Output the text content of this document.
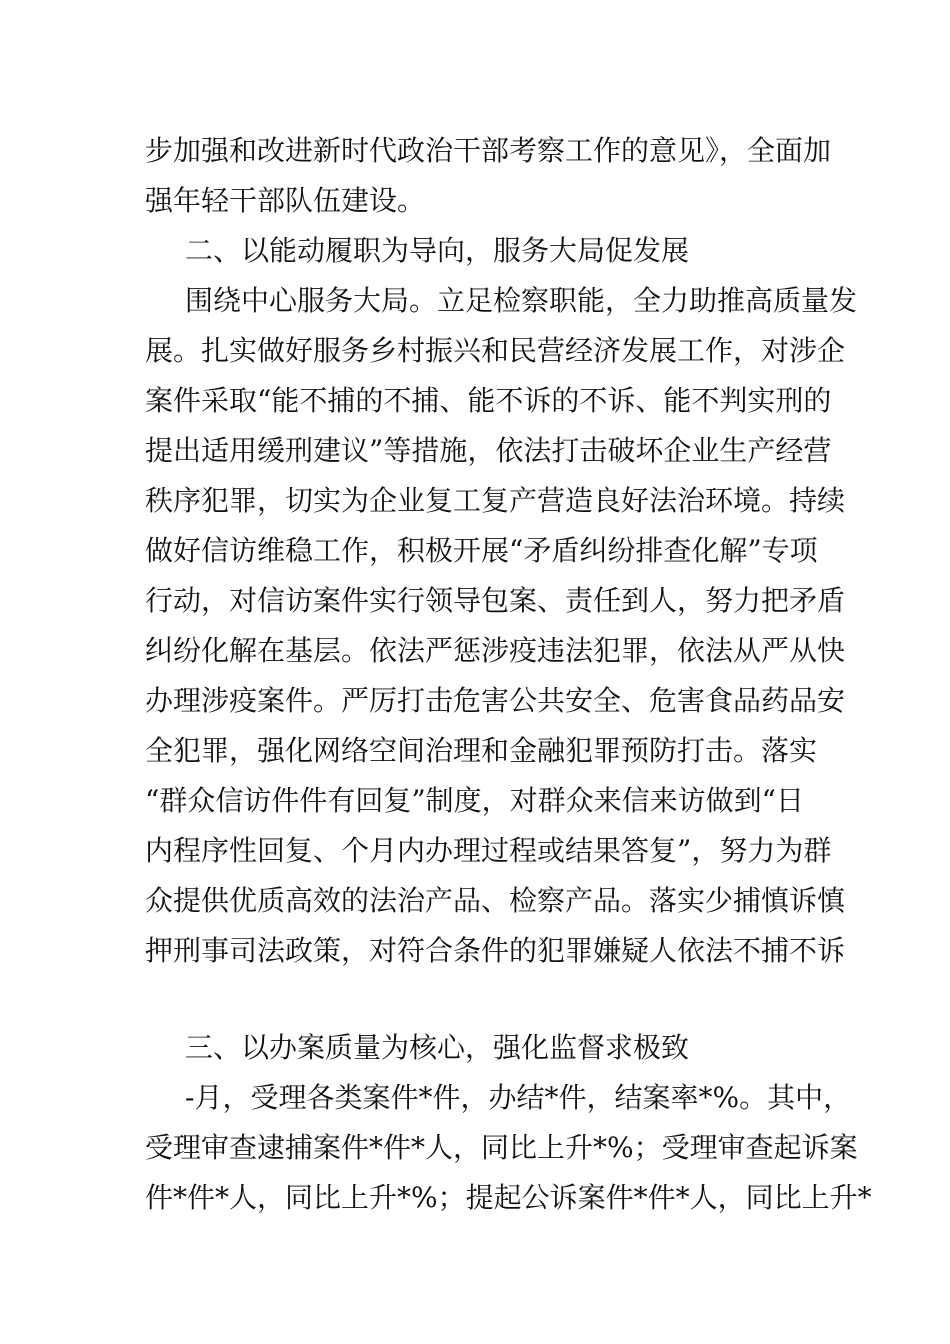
步加强和改进新时代政治干部考察工作的意见》，全面加
强年轻干部队伍建设。
二、以能动履职为导向，服务大局促发展
围绕中心服务大局。立足检察职能，全力助推高质量发
展。扎实做好服务乡村振兴和民营经济发展工作，对涉企
案件采取“能不捕的不捕、能不诉的不诉、能不判实刑的
提出适用缓刑建议”等措施，依法打击破坏企业生产经营
秩序犯罪，切实为企业复工复产营造良好法治环境。持续
做好信访维稳工作，积极开展“矛盾纠纷排查化解”专项
行动，对信访案件实行领导包案、责任到人，努力把矛盾
纠纷化解在基层。依法严惩涉疫违法犯罪，依法从严从快
办理涉疫案件。严厉打击危害公共安全、危害食品药品安
全犯罪，强化网络空间治理和金融犯罪预防打击。落实
“群众信访件件有回复”制度，对群众来信来访做到“日
内程序性回复、个月内办理过程或结果答复”，努力为群
众提供优质高效的法治产品、检察产品。落实少捕慎诉慎
押刑事司法政策，对符合条件的犯罪嫌疑人依法不捕不诉
三、以办案质量为核心，强化监督求极致
-月，受理各类案件*件，办结*件，结案率*%。其中，
受理审查逮捕案件*件*人，同比上升*%；受理审查起诉案
件*件*人，同比上升*%；提起公诉案件*件*人，同比上升*
